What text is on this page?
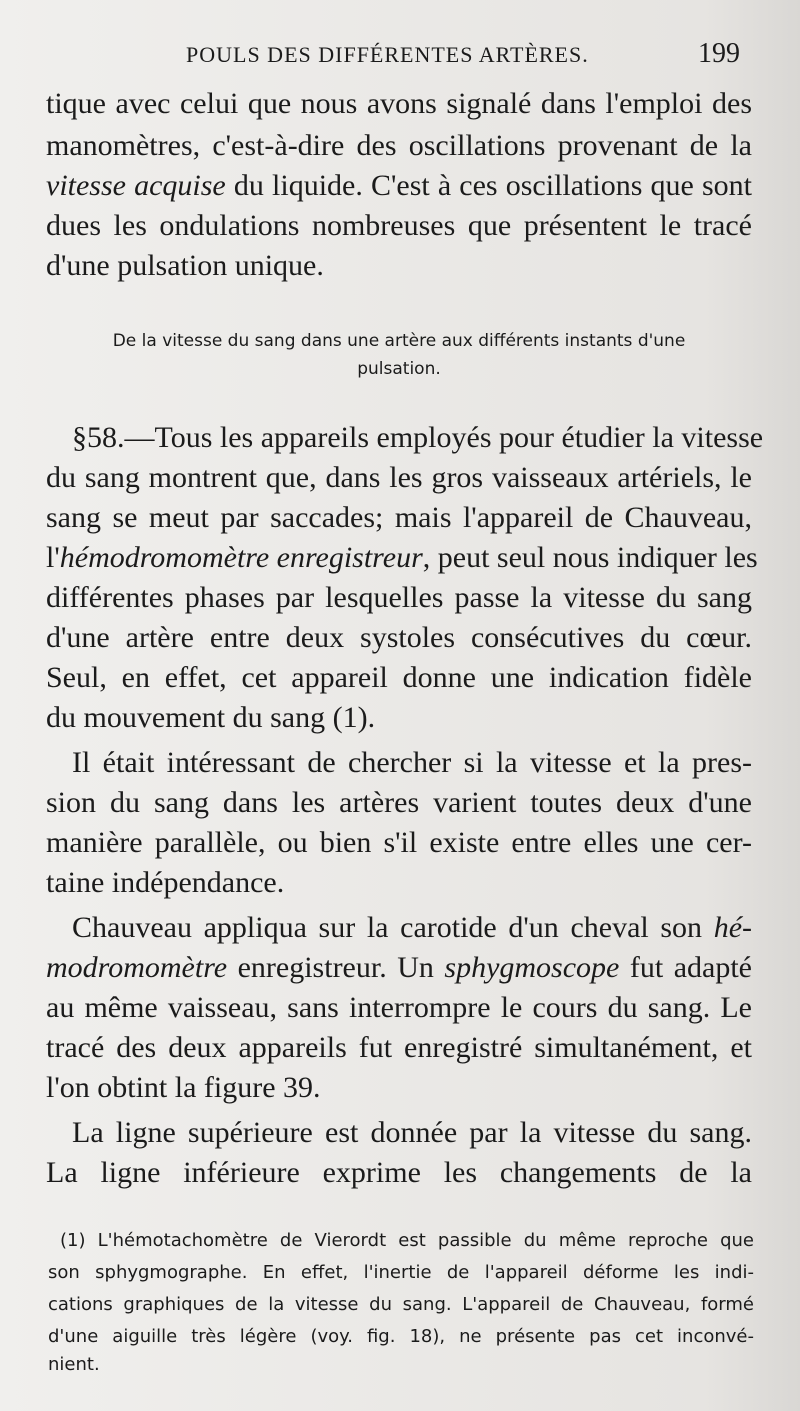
POULS DES DIFFÉRENTES ARTÈRES.	199
tique avec celui que nous avons signalé dans l'emploi des
manomètres, c'est-à-dire des oscillations provenant de la
vitesse acquise du liquide. C'est à ces oscillations que sont
dues les ondulations nombreuses que présentent le tracé
d'une pulsation unique.
De la vitesse du sang dans une artère aux différents instants d'une
pulsation.
§58.—Tous les appareils employés pour étudier la vitesse
du sang montrent que, dans les gros vaisseaux artériels, le
sang se meut par saccades; mais l'appareil de Chauveau,
l'hémodromomètre enregistreur, peut seul nous indiquer les
différentes phases par lesquelles passe la vitesse du sang
d'une artère entre deux systoles consécutives du cœur.
Seul, en effet, cet appareil donne une indication fidèle
du mouvement du sang (1).
Il était intéressant de chercher si la vitesse et la pres-
sion du sang dans les artères varient toutes deux d'une
manière parallèle, ou bien s'il existe entre elles une cer-
taine indépendance.
Chauveau appliqua sur la carotide d'un cheval son hé-
modromomètre enregistreur. Un sphygmoscope fut adapté
au même vaisseau, sans interrompre le cours du sang. Le
tracé des deux appareils fut enregistré simultanément, et
l'on obtint la figure 39.
La ligne supérieure est donnée par la vitesse du sang.
La ligne inférieure exprime les changements de la
(1) L'hémotachomètre de Vierordt est passible du même reproche que
son sphygmographe. En effet, l'inertie de l'appareil déforme les indi-
cations graphiques de la vitesse du sang. L'appareil de Chauveau, formé
d'une aiguille très légère (voy. fig. 18), ne présente pas cet inconvé-
nient.
